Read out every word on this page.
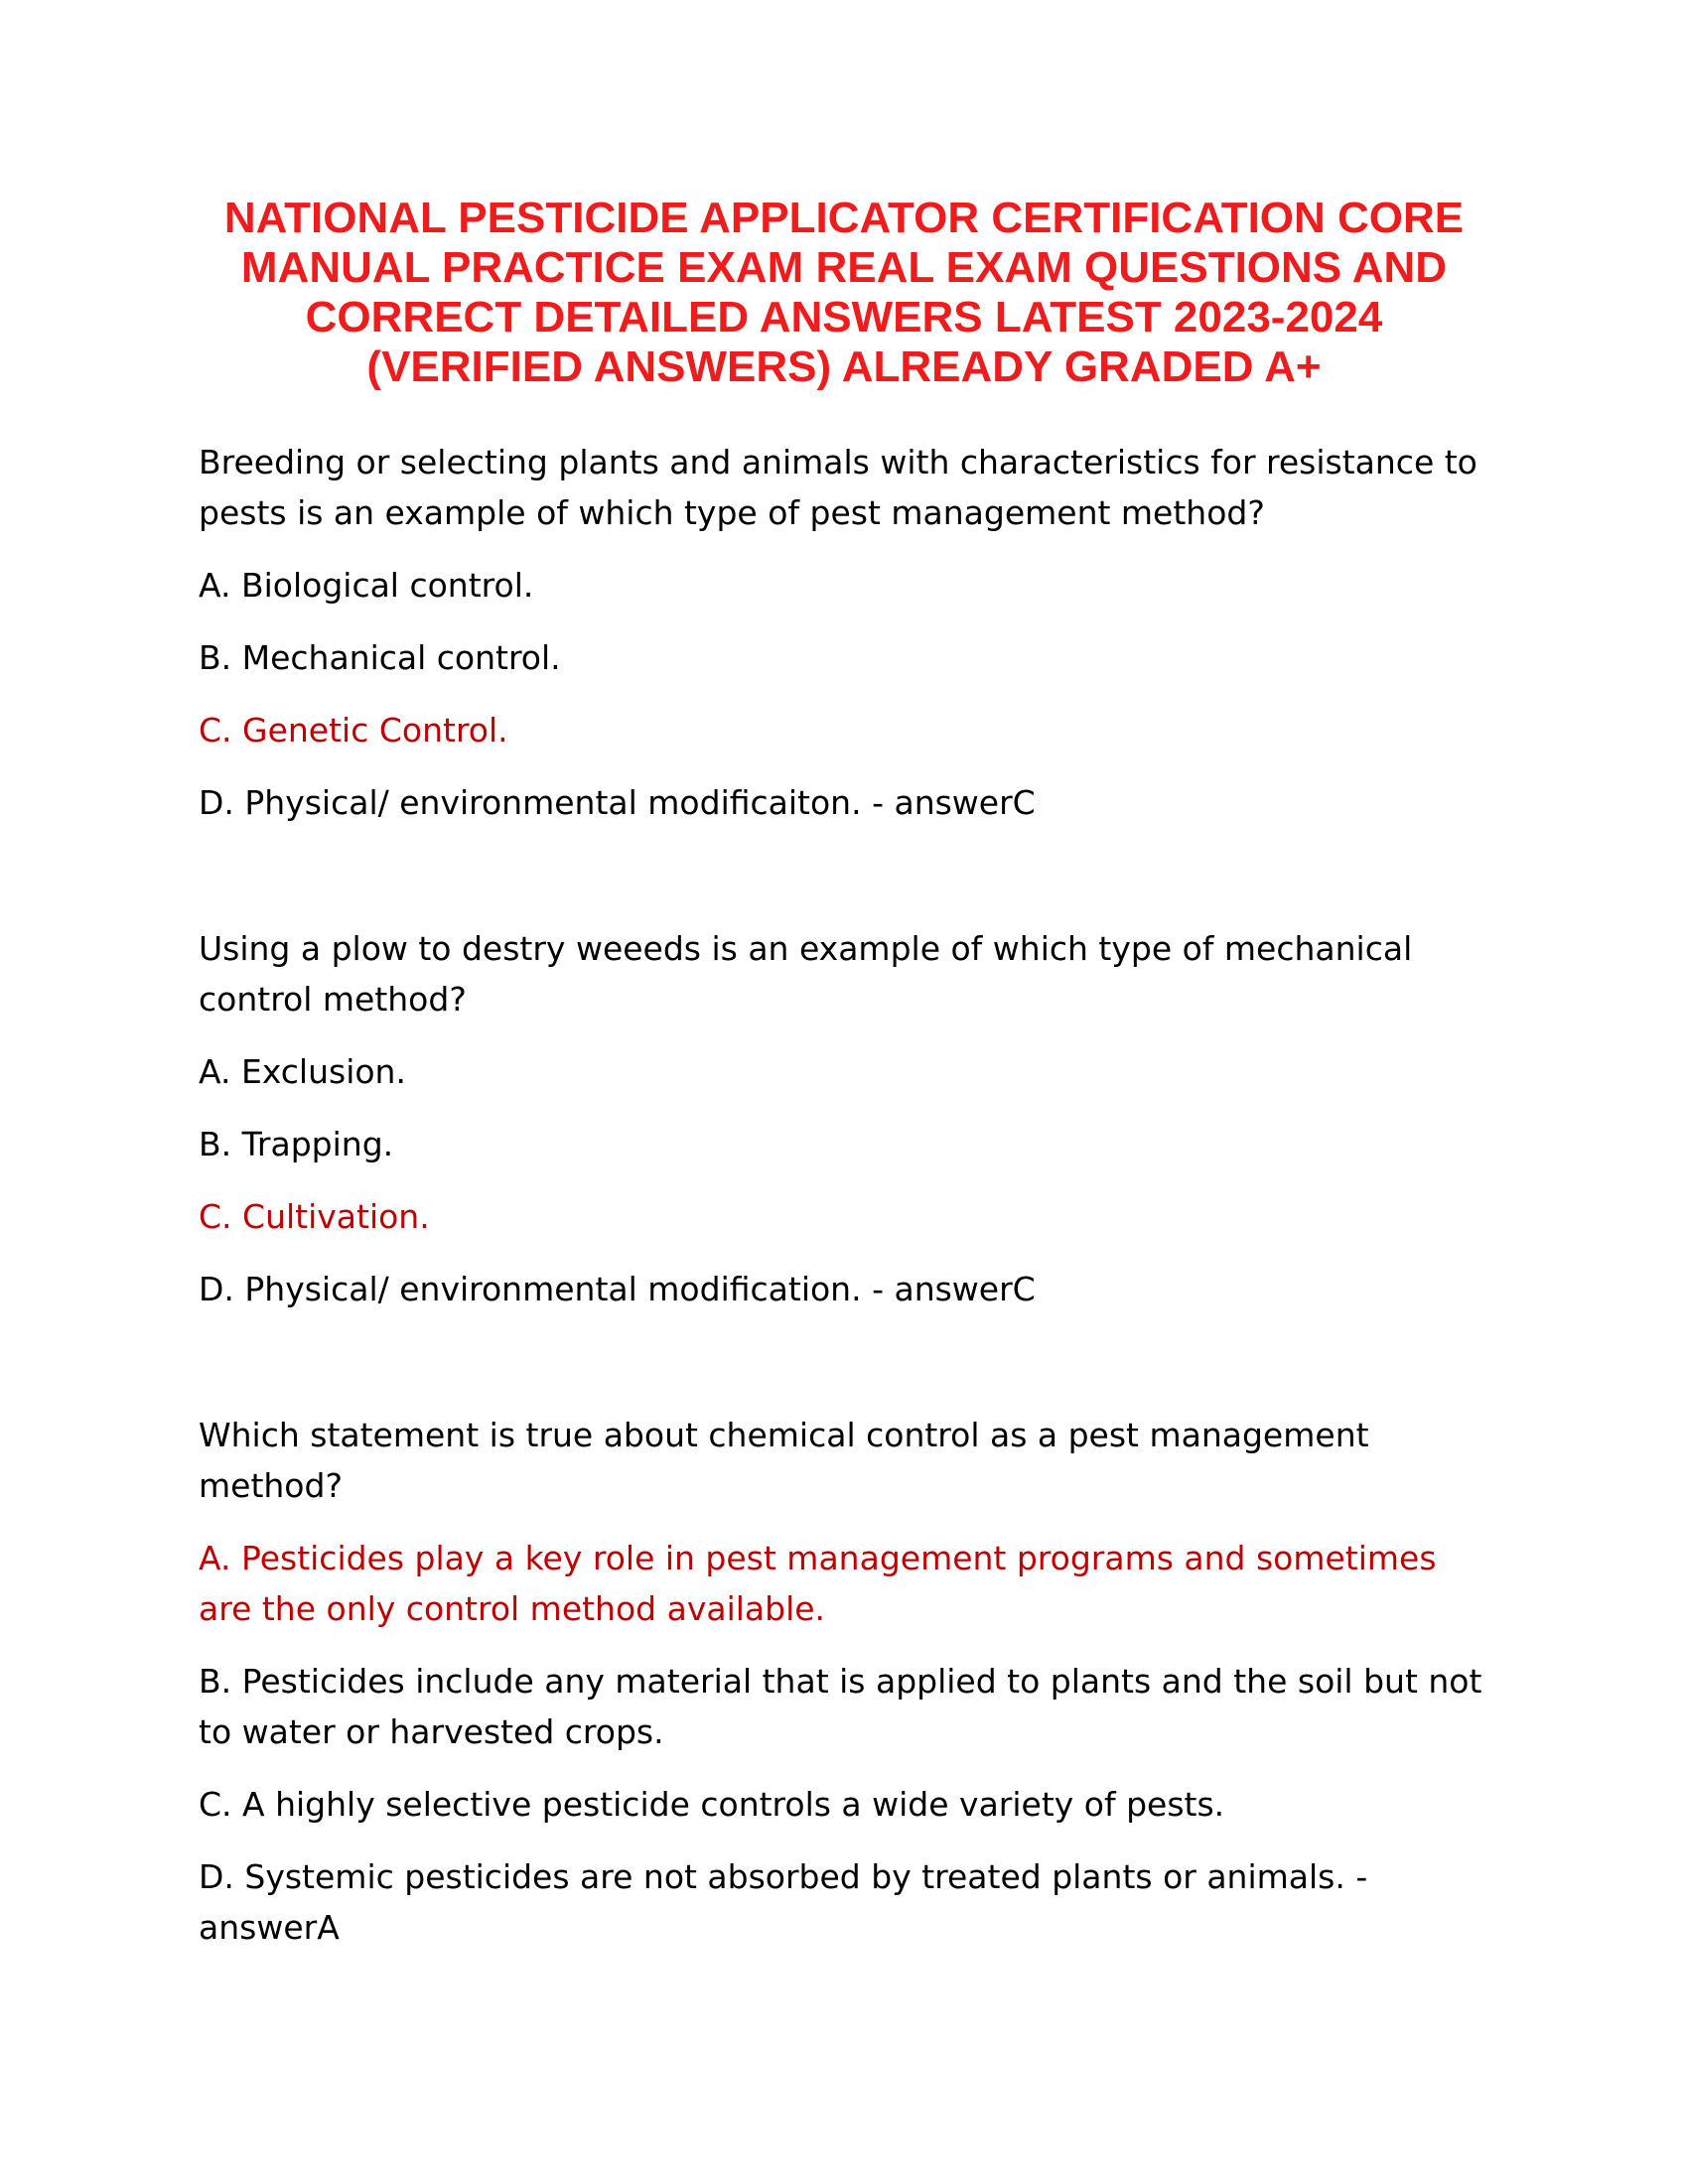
NATIONAL PESTICIDE APPLICATOR CERTIFICATION CORE
MANUAL PRACTICE EXAM REAL EXAM QUESTIONS AND
CORRECT DETAILED ANSWERS LATEST 2023-2024
(VERIFIED ANSWERS) ALREADY GRADED A+

Breeding or selecting plants and animals with characteristics for resistance to pests is an example of which type of pest management method?

A. Biological control.

B. Mechanical control.

C. Genetic Control.

D. Physical/ environmental modificaiton. - answerC

Using a plow to destry weeeds is an example of which type of mechanical control method?

A. Exclusion.

B. Trapping.

C. Cultivation.

D. Physical/ environmental modification. - answerC

Which statement is true about chemical control as a pest management method?

A. Pesticides play a key role in pest management programs and sometimes are the only control method available.

B. Pesticides include any material that is applied to plants and the soil but not to water or harvested crops.

C. A highly selective pesticide controls a wide variety of pests.

D. Systemic pesticides are not absorbed by treated plants or animals. - answerA
